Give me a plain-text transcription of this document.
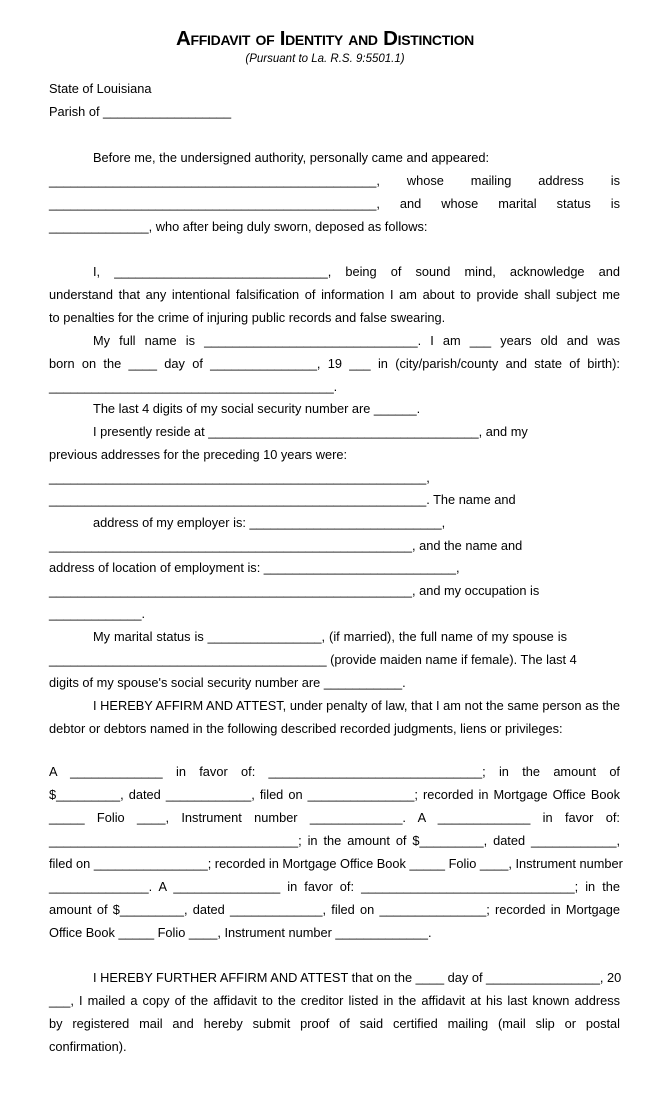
Affidavit of Identity and Distinction

(Pursuant to La. R.S. 9:5501.1)

State of Louisiana

Parish of __________________

Before me, the undersigned authority, personally came and appeared:

______________________________________________, whose mailing address is

______________________________________________, and whose marital status is

______________, who after being duly sworn, deposed as follows:

I, ______________________________, being of sound mind, acknowledge and

understand that any intentional falsification of information I am about to provide shall subject me

to penalties for the crime of injuring public records and false swearing.

My full name is ______________________________. I am ___ years old and was

born on the ____ day of _______________, 19 ___ in (city/parish/county and state of birth):

________________________________________.

The last 4 digits of my social security number are ______.

I presently reside at ______________________________________, and my

previous addresses for the preceding 10 years were:

_____________________________________________________,

_____________________________________________________. The name and

address of my employer is: ___________________________,

___________________________________________________, and the name and

address of location of employment is: ___________________________,

___________________________________________________, and my occupation is

_____________.

My marital status is ________________, (if married), the full name of my spouse is

_______________________________________ (provide maiden name if female). The last 4

digits of my spouse's social security number are ___________.

I HEREBY AFFIRM AND ATTEST, under penalty of law, that I am not the same person as the

debtor or debtors named in the following described recorded judgments, liens or privileges:

A _____________ in favor of: ______________________________; in the amount of

$_________, dated ____________, filed on _______________; recorded in Mortgage Office Book

_____ Folio ____, Instrument number _____________. A _____________ in favor of:

___________________________________; in the amount of $_________, dated ____________,

filed on ________________; recorded in Mortgage Office Book _____ Folio ____, Instrument number

______________. A _______________ in favor of: ______________________________; in the

amount of $_________, dated _____________, filed on _______________; recorded in Mortgage

Office Book _____ Folio ____, Instrument number _____________.

I HEREBY FURTHER AFFIRM AND ATTEST that on the ____ day of ________________, 20

___, I mailed a copy of the affidavit to the creditor listed in the affidavit at his last known address

by registered mail and hereby submit proof of said certified mailing (mail slip or postal

confirmation).
